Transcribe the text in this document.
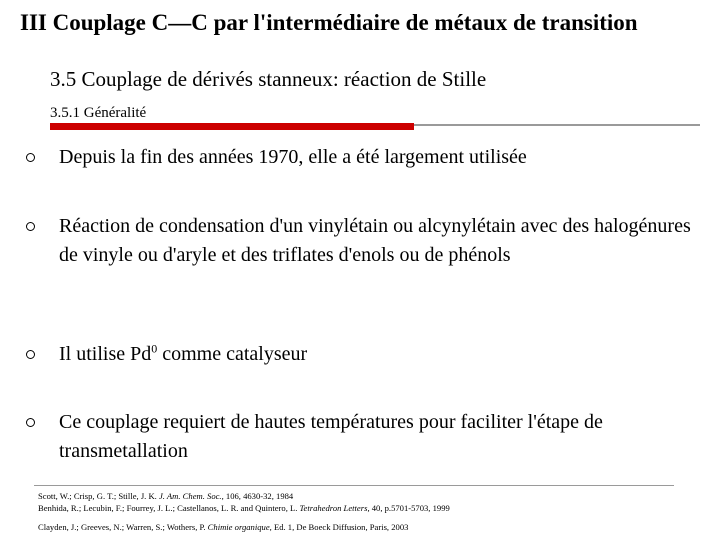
III Couplage C—C par l'intermédiaire de métaux de transition
3.5 Couplage de dérivés stanneux: réaction de Stille
3.5.1 Généralité
Depuis la fin des années 1970, elle a été largement utilisée
Réaction de condensation d'un vinylétain ou alcynylétain avec des halogénures de vinyle ou d'aryle et des triflates d'enols ou de phénols
Il utilise Pd$^0$ comme catalyseur
Ce couplage requiert de hautes températures pour faciliter l'étape de transmetallation
Scott, W.; Crisp, G. T.; Stille, J. K. J. Am. Chem. Soc., 106, 4630-32, 1984
Benhida, R.; Lecubin, F.; Fourrey, J. L.; Castellanos, L. R. and Quintero, L. Tetrahedron Letters, 40, p.5701-5703, 1999
Clayden, J.; Greeves, N.; Warren, S.; Wothers, P. Chimie organique, Ed. 1, De Boeck Diffusion, Paris, 2003
